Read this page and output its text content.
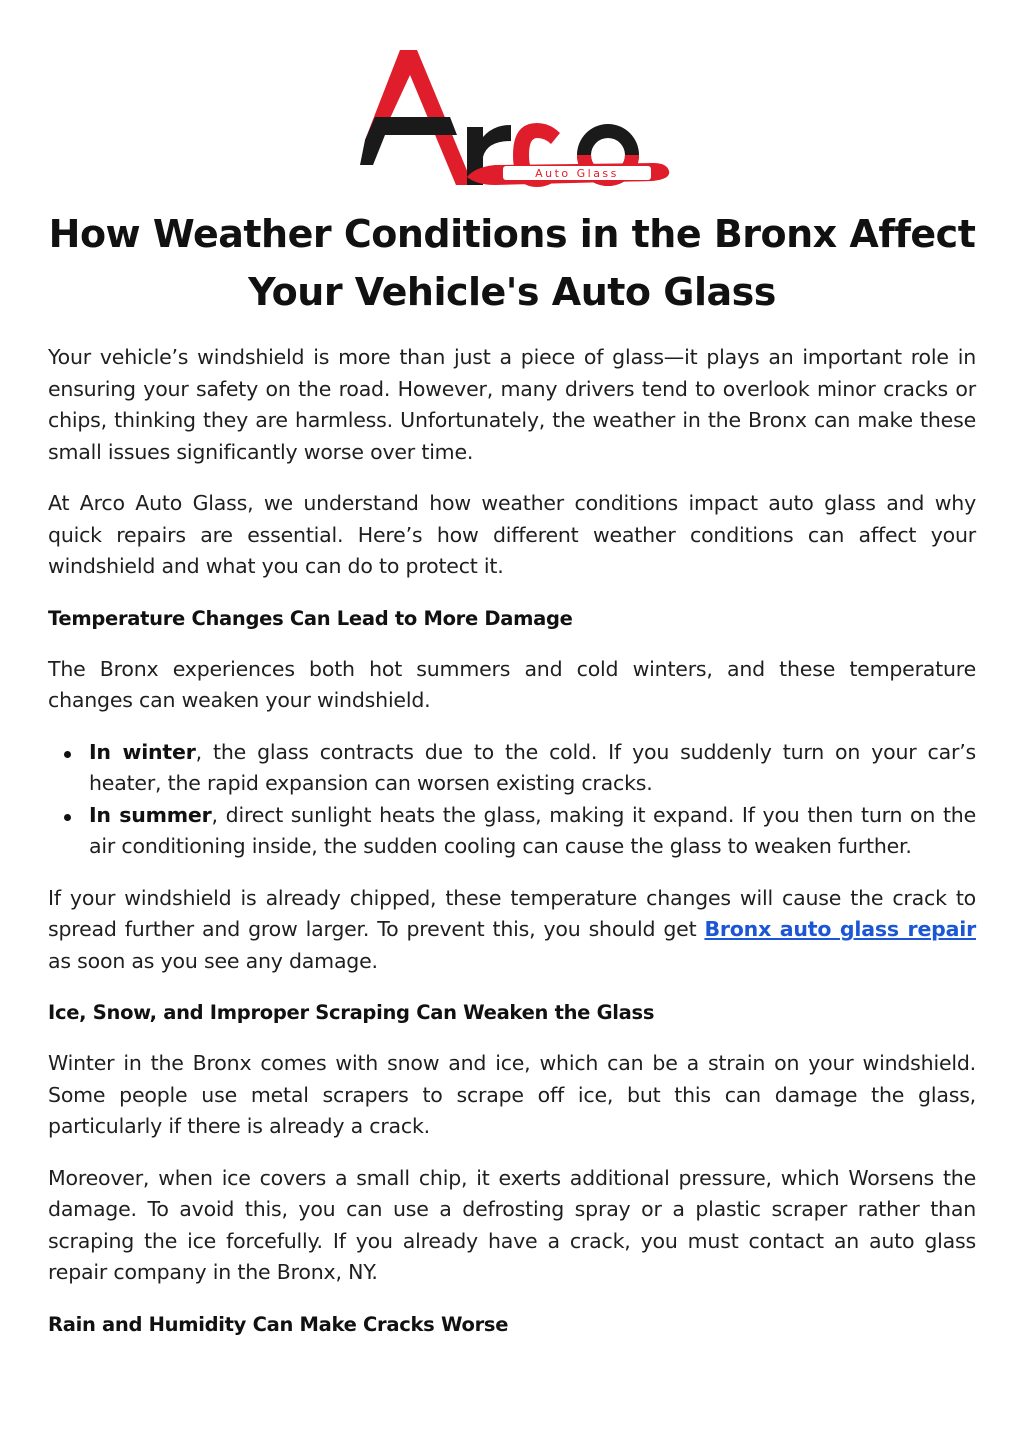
Auto Glass
How Weather Conditions in the Bronx Affect Your Vehicle's Auto Glass

Your vehicle’s windshield is more than just a piece of glass—it plays an important role in ensuring your safety on the road. However, many drivers tend to overlook minor cracks or chips, thinking they are harmless. Unfortunately, the weather in the Bronx can make these small issues significantly worse over time.

At Arco Auto Glass, we understand how weather conditions impact auto glass and why quick repairs are essential. Here’s how different weather conditions can affect your windshield and what you can do to protect it.

Temperature Changes Can Lead to More Damage

The Bronx experiences both hot summers and cold winters, and these temperature changes can weaken your windshield.

In winter, the glass contracts due to the cold. If you suddenly turn on your car’s heater, the rapid expansion can worsen existing cracks.
In summer, direct sunlight heats the glass, making it expand. If you then turn on the air conditioning inside, the sudden cooling can cause the glass to weaken further.

If your windshield is already chipped, these temperature changes will cause the crack to spread further and grow larger. To prevent this, you should get Bronx auto glass repair as soon as you see any damage.

Ice, Snow, and Improper Scraping Can Weaken the Glass

Winter in the Bronx comes with snow and ice, which can be a strain on your windshield. Some people use metal scrapers to scrape off ice, but this can damage the glass, particularly if there is already a crack.

Moreover, when ice covers a small chip, it exerts additional pressure, which Worsens the damage. To avoid this, you can use a defrosting spray or a plastic scraper rather than scraping the ice forcefully. If you already have a crack, you must contact an auto glass repair company in the Bronx, NY.

Rain and Humidity Can Make Cracks Worse
